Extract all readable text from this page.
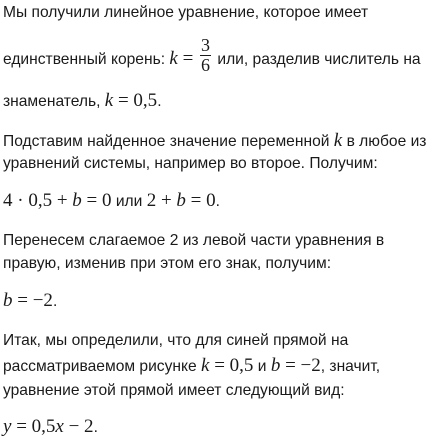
Мы получили линейное уравнение, которое имеет
единственный корень: $k = \frac{3}{6}$ или, разделив числитель на
знаменатель, k = 0,5.
Подставим найденное значение переменной k в любое из
уравнений системы, например во второе. Получим:
4 · 0,5 + b = 0 или 2 + b = 0.
Перенесем слагаемое 2 из левой части уравнения в
правую, изменив при этом его знак, получим:
b = −2.
Итак, мы определили, что для синей прямой на
рассматриваемом рисунке k = 0,5 и b = −2, значит,
уравнение этой прямой имеет следующий вид:
y = 0,5x − 2.
